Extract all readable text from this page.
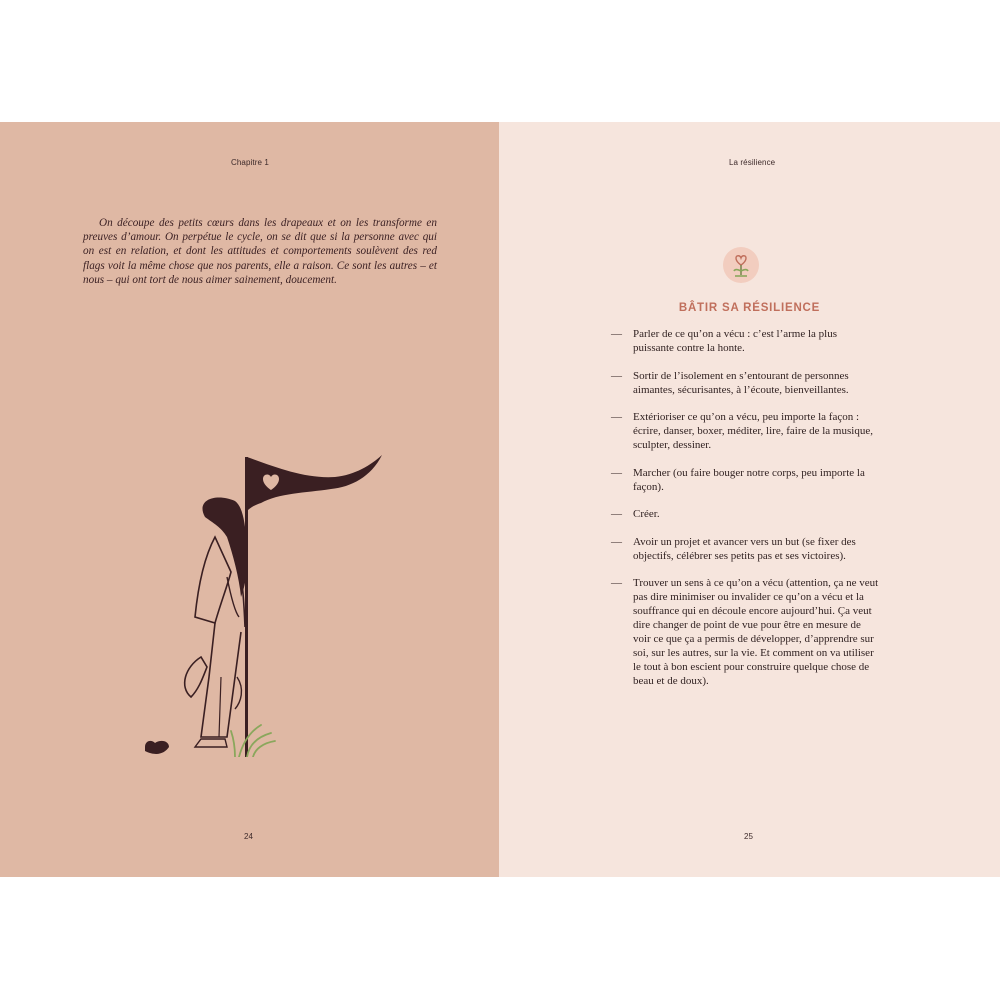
Chapitre 1

On découpe des petits cœurs dans les drapeaux et on les transforme en preuves d’amour. On perpétue le cycle, on se dit que si la personne avec qui on est en relation, et dont les attitudes et comportements soulèvent des red flags voit la même chose que nos parents, elle a raison. Ce sont les autres – et nous – qui ont tort de nous aimer sainement, doucement.

24
La résilience
BÂTIR SA RÉSILIENCE
— Parler de ce qu’on a vécu : c’est l’arme la plus puissante contre la honte.
— Sortir de l’isolement en s’entourant de personnes aimantes, sécurisantes, à l’écoute, bienveillantes.
— Extérioriser ce qu’on a vécu, peu importe la façon : écrire, danser, boxer, méditer, lire, faire de la musique, sculpter, dessiner.
— Marcher (ou faire bouger notre corps, peu importe la façon).
— Créer.
— Avoir un projet et avancer vers un but (se fixer des objectifs, célébrer ses petits pas et ses victoires).
— Trouver un sens à ce qu’on a vécu (attention, ça ne veut pas dire minimiser ou invalider ce qu’on a vécu et la souffrance qui en découle encore aujourd’hui. Ça veut dire changer de point de vue pour être en mesure de voir ce que ça a permis de développer, d’apprendre sur soi, sur les autres, sur la vie. Et comment on va utiliser le tout à bon escient pour construire quelque chose de beau et de doux).
25
